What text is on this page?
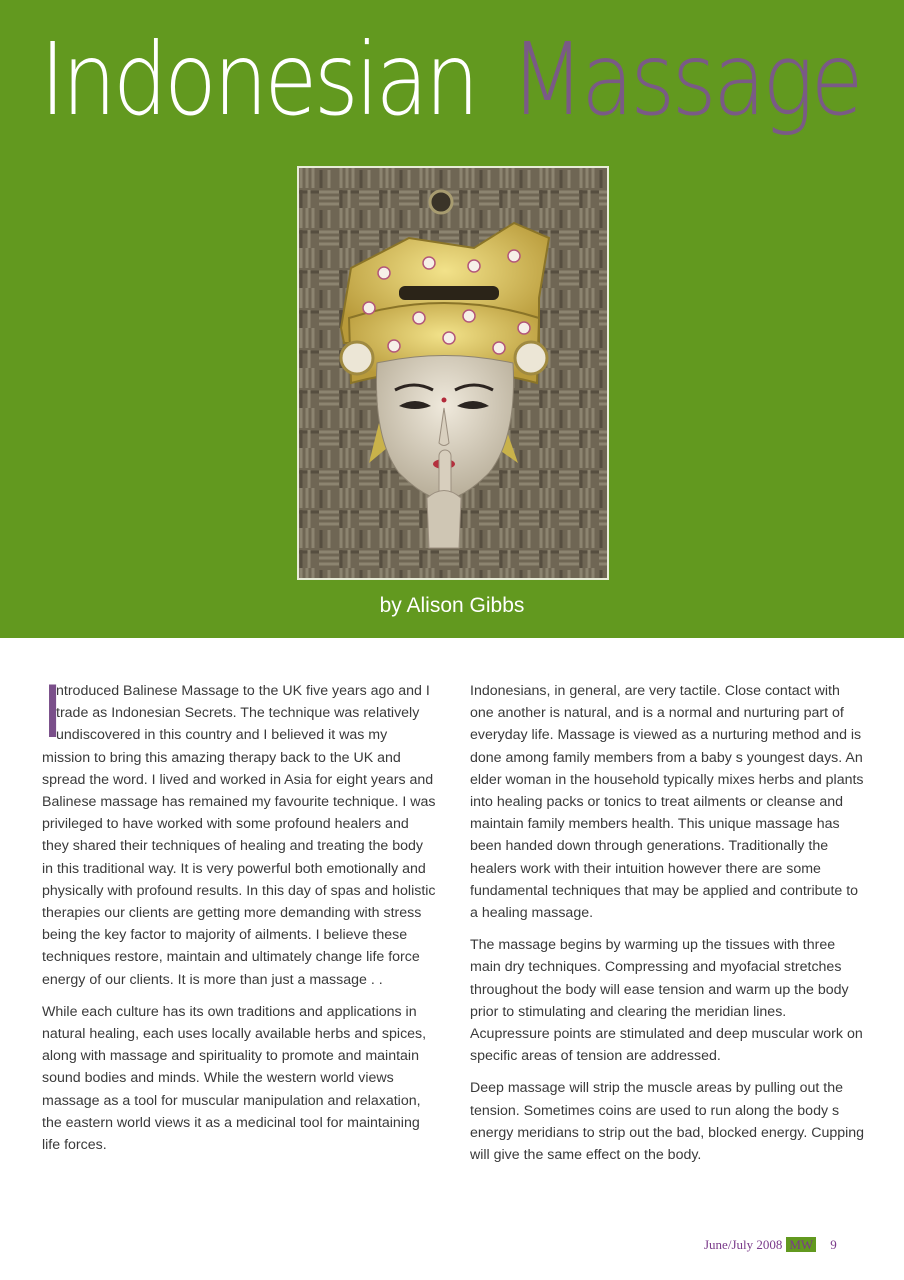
Indonesian Massage
by Alison Gibbs

I
ntroduced Balinese Massage to the UK five years ago and I trade as Indonesian Secrets. The technique was relatively undiscovered in this country and I believed it was my mission to bring this amazing therapy back to the UK and spread the word. I lived and worked in Asia for eight years and Balinese massage has remained my favourite technique. I was privileged to have worked with some profound healers and they shared their techniques of healing and treating the body in this traditional way. It is very powerful both emotionally and physically with profound results. In this day of spas and holistic therapies our clients are getting more demanding with stress being the key factor to majority of ailments. I believe these techniques restore, maintain and ultimately change life force energy of our clients. It is more than just a massage . .

While each culture has its own traditions and applications in natural healing, each uses locally available herbs and spices, along with massage and spirituality to promote and maintain sound bodies and minds. While the western world views massage as a tool for muscular manipulation and relaxation, the eastern world views it as a medicinal tool for maintaining life forces.

Indonesians, in general, are very tactile. Close contact with one another is natural, and is a normal and nurturing part of everyday life. Massage is viewed as a nurturing method and is done among family members from a baby s youngest days. An elder woman in the household typically mixes herbs and plants into healing packs or tonics to treat ailments or cleanse and maintain family members health. This unique massage has been handed down through generations. Traditionally the healers work with their intuition however there are some fundamental techniques that may be applied and contribute to a healing massage.

The massage begins by warming up the tissues with three main dry techniques. Compressing and myofacial stretches throughout the body will ease tension and warm up the body prior to stimulating and clearing the meridian lines. Acupressure points are stimulated and deep muscular work on specific areas of tension are addressed.

Deep massage will strip the muscle areas by pulling out the tension. Sometimes coins are used to run along the body s energy meridians to strip out the bad, blocked energy. Cupping will give the same effect on the body.

June/July 2008 MW 9
